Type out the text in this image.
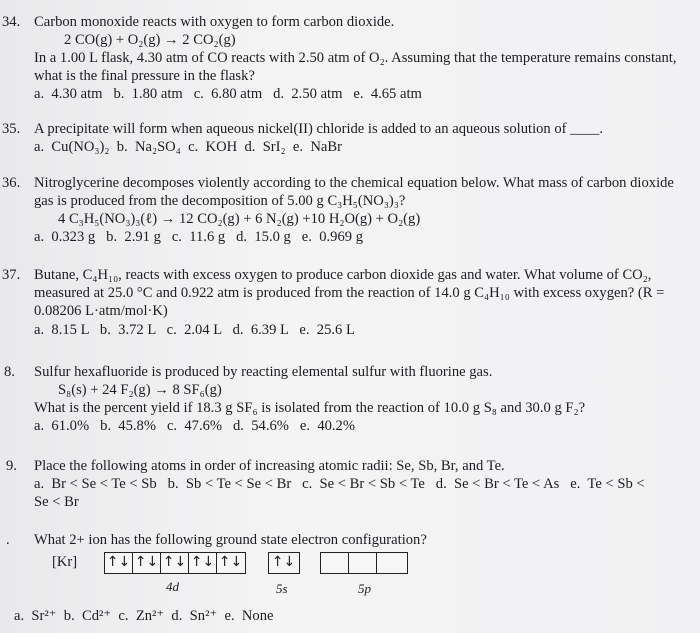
34. Carbon monoxide reacts with oxygen to form carbon dioxide.
2 CO(g) + O₂(g) → 2 CO₂(g)
In a 1.00 L flask, 4.30 atm of CO reacts with 2.50 atm of O₂. Assuming that the temperature remains constant,
what is the final pressure in the flask?
a.  4.30 atm   b.  1.80 atm   c.  6.80 atm   d.  2.50 atm   e.  4.65 atm
35. A precipitate will form when aqueous nickel(II) chloride is added to an aqueous solution of ____.
a.  Cu(NO₃)₂  b.  Na₂SO₄  c.  KOH  d.  SrI₂  e.  NaBr
36. Nitroglycerine decomposes violently according to the chemical equation below. What mass of carbon dioxide
gas is produced from the decomposition of 5.00 g C₃H₅(NO₃)₃?
4 C₃H₅(NO₃)₃(ℓ) → 12 CO₂(g) + 6 N₂(g) +10 H₂O(g) + O₂(g)
a.  0.323 g   b.  2.91 g   c.  11.6 g   d.  15.0 g   e.  0.969 g
37. Butane, C₄H₁₀, reacts with excess oxygen to produce carbon dioxide gas and water. What volume of CO₂,
measured at 25.0 °C and 0.922 atm is produced from the reaction of 14.0 g C₄H₁₀ with excess oxygen? (R =
0.08206 L·atm/mol·K)
a.  8.15 L   b.  3.72 L   c.  2.04 L   d.  6.39 L   e.  25.6 L
8. Sulfur hexafluoride is produced by reacting elemental sulfur with fluorine gas.
S₈(s) + 24 F₂(g) → 8 SF₆(g)
What is the percent yield if 18.3 g SF₆ is isolated from the reaction of 10.0 g S₈ and 30.0 g F₂?
a.  61.0%   b.  45.8%   c.  47.6%   d.  54.6%   e.  40.2%
9. Place the following atoms in order of increasing atomic radii: Se, Sb, Br, and Te.
a.  Br < Se < Te < Sb   b.  Sb < Te < Se < Br   c.  Se < Br < Sb < Te   d.  Se < Br < Te < As   e.  Te < Sb <
Se < Br
. What 2+ ion has the following ground state electron configuration?
[Kr] ↑↓ ↑↓ ↑↓ ↑↓ ↑↓ ↑↓
4d	5s	5p
a.  Sr²⁺  b.  Cd²⁺  c.  Zn²⁺  d.  Sn²⁺  e.  None
